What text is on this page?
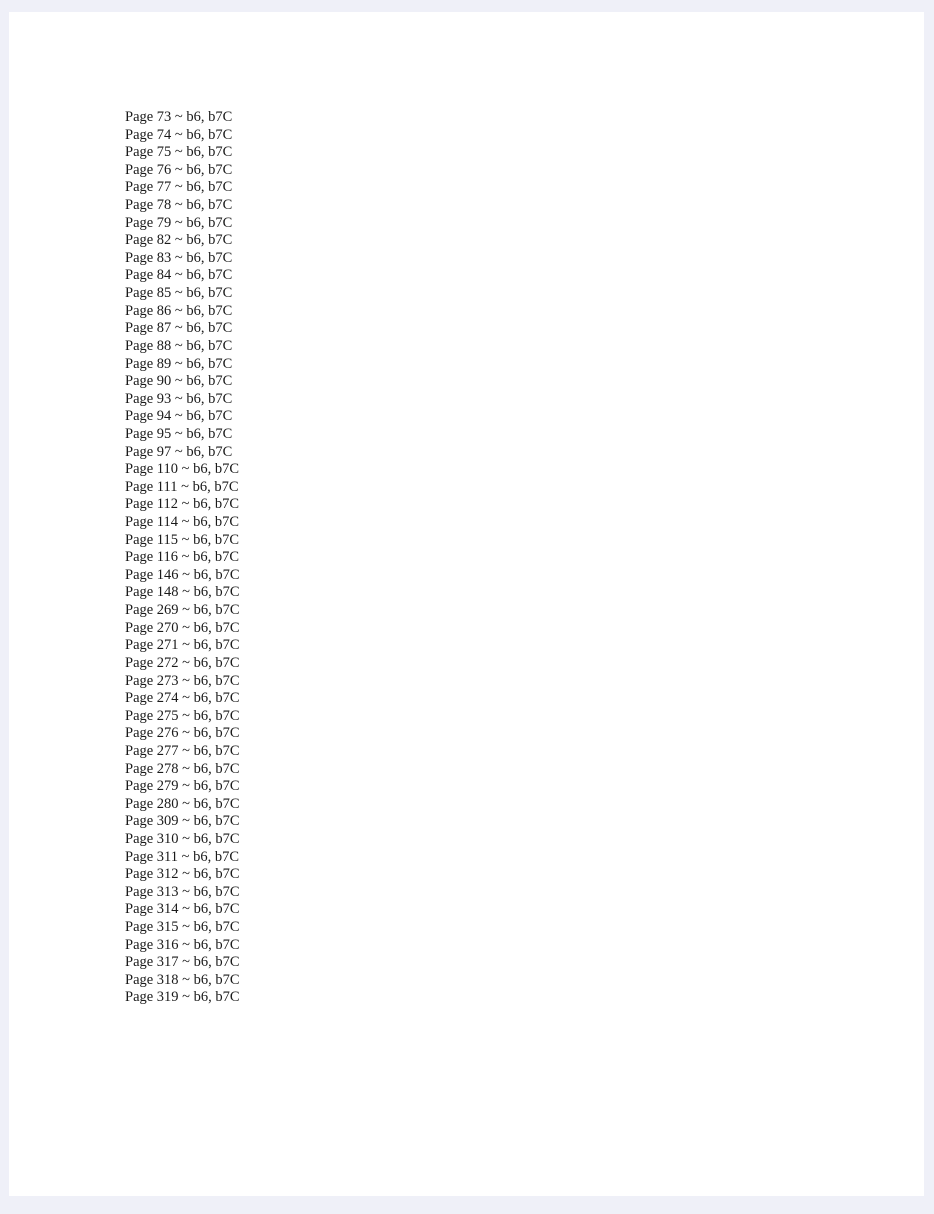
Page 73 ~ b6, b7C
Page 74 ~ b6, b7C
Page 75 ~ b6, b7C
Page 76 ~ b6, b7C
Page 77 ~ b6, b7C
Page 78 ~ b6, b7C
Page 79 ~ b6, b7C
Page 82 ~ b6, b7C
Page 83 ~ b6, b7C
Page 84 ~ b6, b7C
Page 85 ~ b6, b7C
Page 86 ~ b6, b7C
Page 87 ~ b6, b7C
Page 88 ~ b6, b7C
Page 89 ~ b6, b7C
Page 90 ~ b6, b7C
Page 93 ~ b6, b7C
Page 94 ~ b6, b7C
Page 95 ~ b6, b7C
Page 97 ~ b6, b7C
Page 110 ~ b6, b7C
Page 111 ~ b6, b7C
Page 112 ~ b6, b7C
Page 114 ~ b6, b7C
Page 115 ~ b6, b7C
Page 116 ~ b6, b7C
Page 146 ~ b6, b7C
Page 148 ~ b6, b7C
Page 269 ~ b6, b7C
Page 270 ~ b6, b7C
Page 271 ~ b6, b7C
Page 272 ~ b6, b7C
Page 273 ~ b6, b7C
Page 274 ~ b6, b7C
Page 275 ~ b6, b7C
Page 276 ~ b6, b7C
Page 277 ~ b6, b7C
Page 278 ~ b6, b7C
Page 279 ~ b6, b7C
Page 280 ~ b6, b7C
Page 309 ~ b6, b7C
Page 310 ~ b6, b7C
Page 311 ~ b6, b7C
Page 312 ~ b6, b7C
Page 313 ~ b6, b7C
Page 314 ~ b6, b7C
Page 315 ~ b6, b7C
Page 316 ~ b6, b7C
Page 317 ~ b6, b7C
Page 318 ~ b6, b7C
Page 319 ~ b6, b7C
